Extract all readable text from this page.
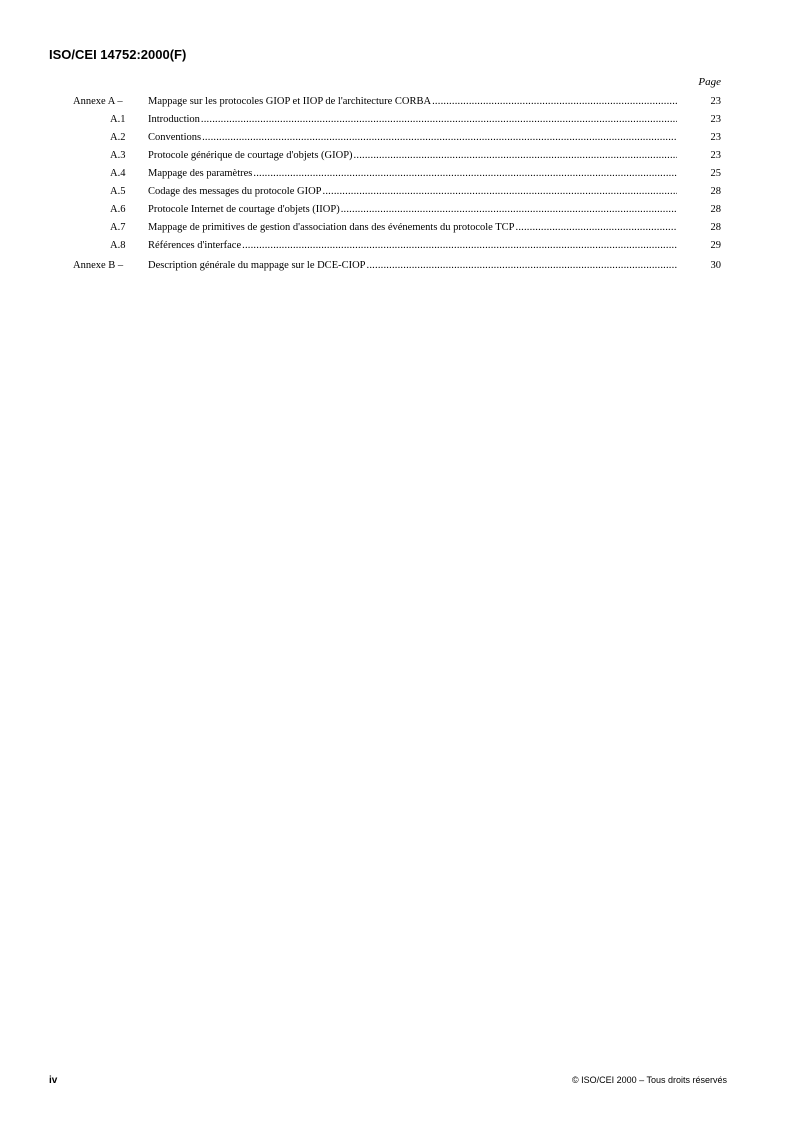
ISO/CEI 14752:2000(F)
Page
Annexe A – Mappage sur les protocoles GIOP et IIOP de l'architecture CORBA .....	23
A.1 Introduction .....	23
A.2 Conventions .....	23
A.3 Protocole générique de courtage d'objets (GIOP) .....	23
A.4 Mappage des paramètres .....	25
A.5 Codage des messages du protocole GIOP .....	28
A.6 Protocole Internet de courtage d'objets (IIOP) .....	28
A.7 Mappage de primitives de gestion d'association dans des événements du protocole TCP .....	28
A.8 Références d'interface .....	29
Annexe B – Description générale du mappage sur le DCE-CIOP .....	30
iv	© ISO/CEI 2000 – Tous droits réservés
